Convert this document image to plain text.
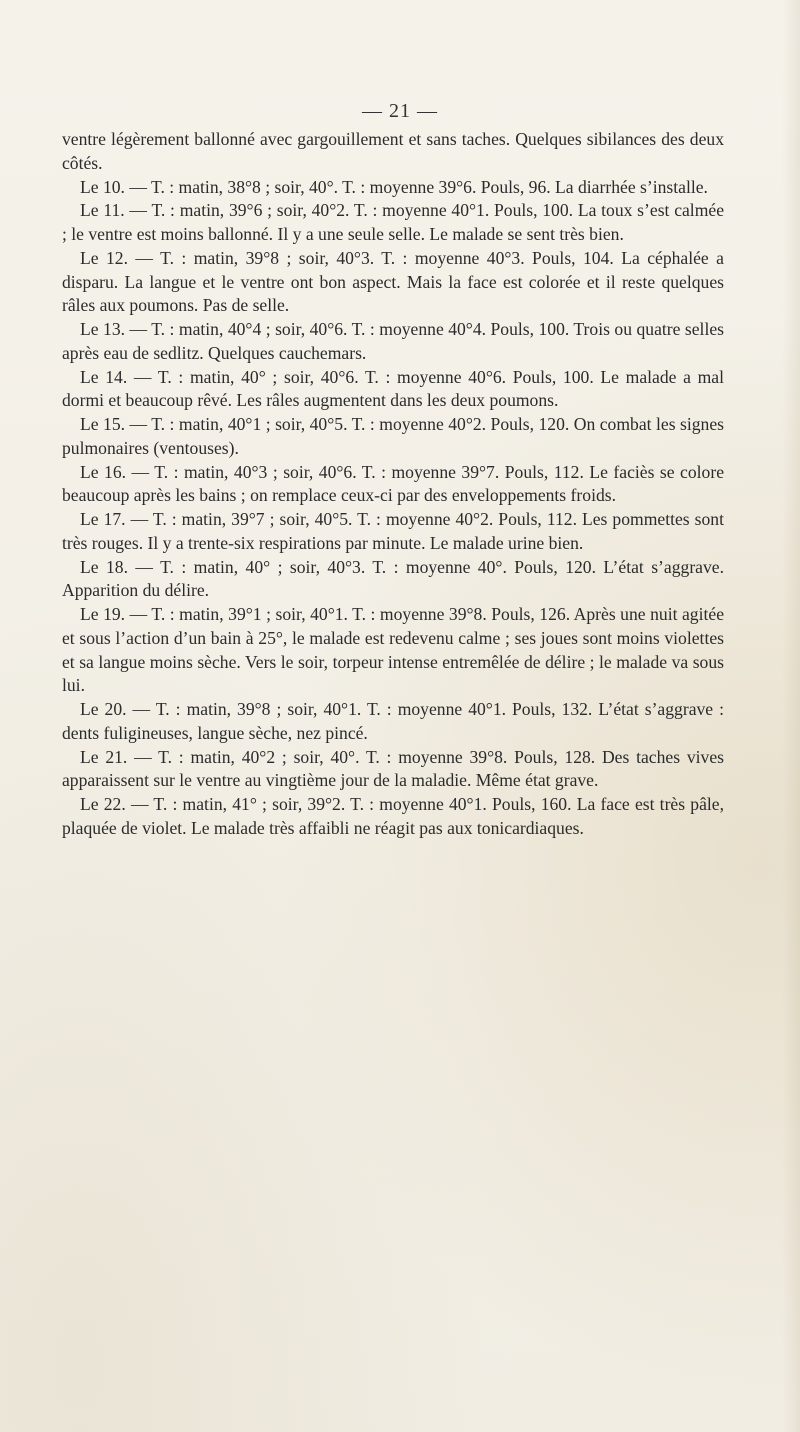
— 21 —

ventre légèrement ballonné avec gargouillement et sans taches. Quelques sibilances des deux côtés.

Le 10. — T. : matin, 38°8 ; soir, 40°. T. : moyenne 39°6. Pouls, 96. La diarrhée s’installe.

Le 11. — T. : matin, 39°6 ; soir, 40°2. T. : moyenne 40°1. Pouls, 100. La toux s’est calmée ; le ventre est moins ballonné. Il y a une seule selle. Le malade se sent très bien.

Le 12. — T. : matin, 39°8 ; soir, 40°3. T. : moyenne 40°3. Pouls, 104. La céphalée a disparu. La langue et le ventre ont bon aspect. Mais la face est colorée et il reste quelques râles aux poumons. Pas de selle.

Le 13. — T. : matin, 40°4 ; soir, 40°6. T. : moyenne 40°4. Pouls, 100. Trois ou quatre selles après eau de sedlitz. Quelques cauchemars.

Le 14. — T. : matin, 40° ; soir, 40°6. T. : moyenne 40°6. Pouls, 100. Le malade a mal dormi et beaucoup rêvé. Les râles augmentent dans les deux poumons.

Le 15. — T. : matin, 40°1 ; soir, 40°5. T. : moyenne 40°2. Pouls, 120. On combat les signes pulmonaires (ventouses).

Le 16. — T. : matin, 40°3 ; soir, 40°6. T. : moyenne 39°7. Pouls, 112. Le faciès se colore beaucoup après les bains ; on remplace ceux-ci par des enveloppements froids.

Le 17. — T. : matin, 39°7 ; soir, 40°5. T. : moyenne 40°2. Pouls, 112. Les pommettes sont très rouges. Il y a trente-six respirations par minute. Le malade urine bien.

Le 18. — T. : matin, 40° ; soir, 40°3. T. : moyenne 40°. Pouls, 120. L’état s’aggrave. Apparition du délire.

Le 19. — T. : matin, 39°1 ; soir, 40°1. T. : moyenne 39°8. Pouls, 126. Après une nuit agitée et sous l’action d’un bain à 25°, le malade est redevenu calme ; ses joues sont moins violettes et sa langue moins sèche. Vers le soir, torpeur intense entremêlée de délire ; le malade va sous lui.

Le 20. — T. : matin, 39°8 ; soir, 40°1. T. : moyenne 40°1. Pouls, 132. L’état s’aggrave : dents fuligineuses, langue sèche, nez pincé.

Le 21. — T. : matin, 40°2 ; soir, 40°. T. : moyenne 39°8. Pouls, 128. Des taches vives apparaissent sur le ventre au vingtième jour de la maladie. Même état grave.

Le 22. — T. : matin, 41° ; soir, 39°2. T. : moyenne 40°1. Pouls, 160. La face est très pâle, plaquée de violet. Le malade très affaibli ne réagit pas aux tonicardiaques.
